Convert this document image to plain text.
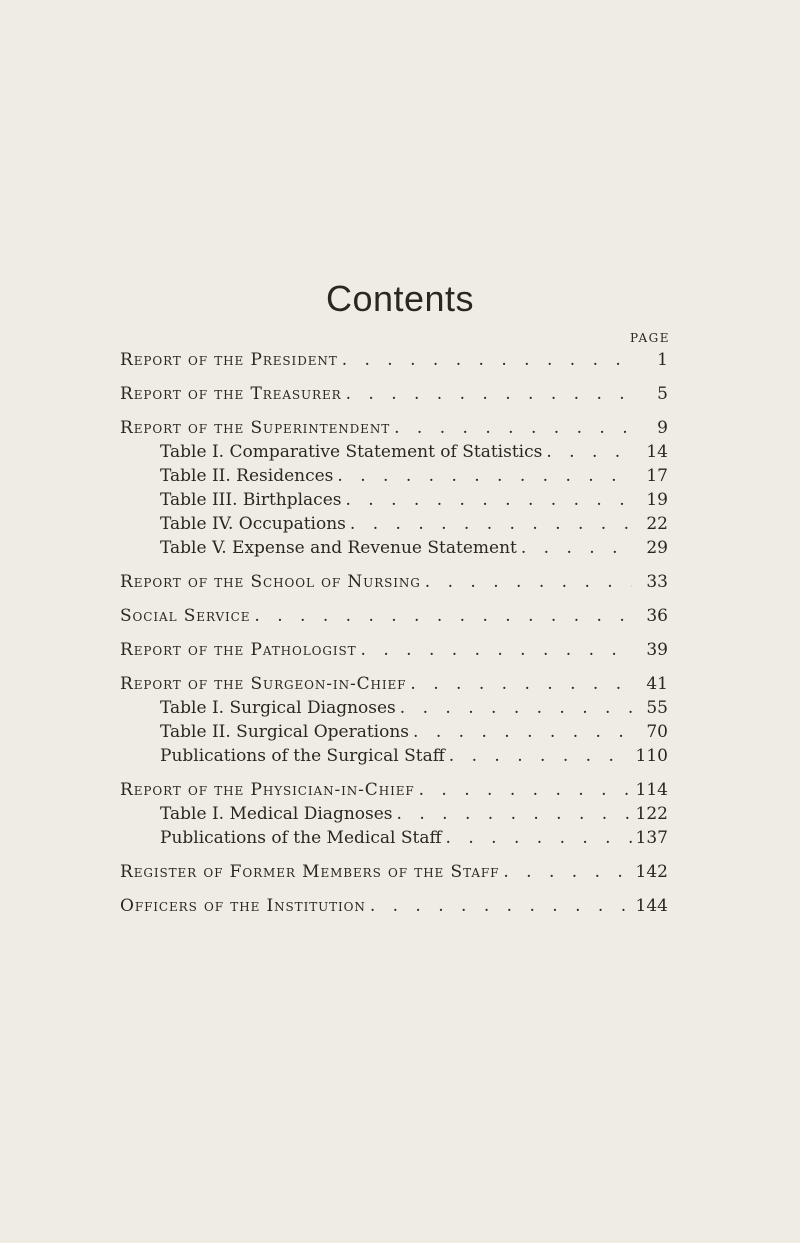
Contents
PAGE
Report of the President . . .	1
Report of the Treasurer . . .	5
Report of the Superintendent . . .	9
Table I. Comparative Statement of Statistics . . .	14
Table II. Residences . . .	17
Table III. Birthplaces . . .	19
Table IV. Occupations . . .	22
Table V. Expense and Revenue Statement . . .	29
Report of the School of Nursing . . .	33
Social Service . . .	36
Report of the Pathologist . . .	39
Report of the Surgeon-in-Chief . . .	41
Table I. Surgical Diagnoses . . .	55
Table II. Surgical Operations . . .	70
Publications of the Surgical Staff . . .	110
Report of the Physician-in-Chief . . .	114
Table I. Medical Diagnoses . . .	122
Publications of the Medical Staff . . .	137
Register of Former Members of the Staff . . .	142
Officers of the Institution . . .	144
